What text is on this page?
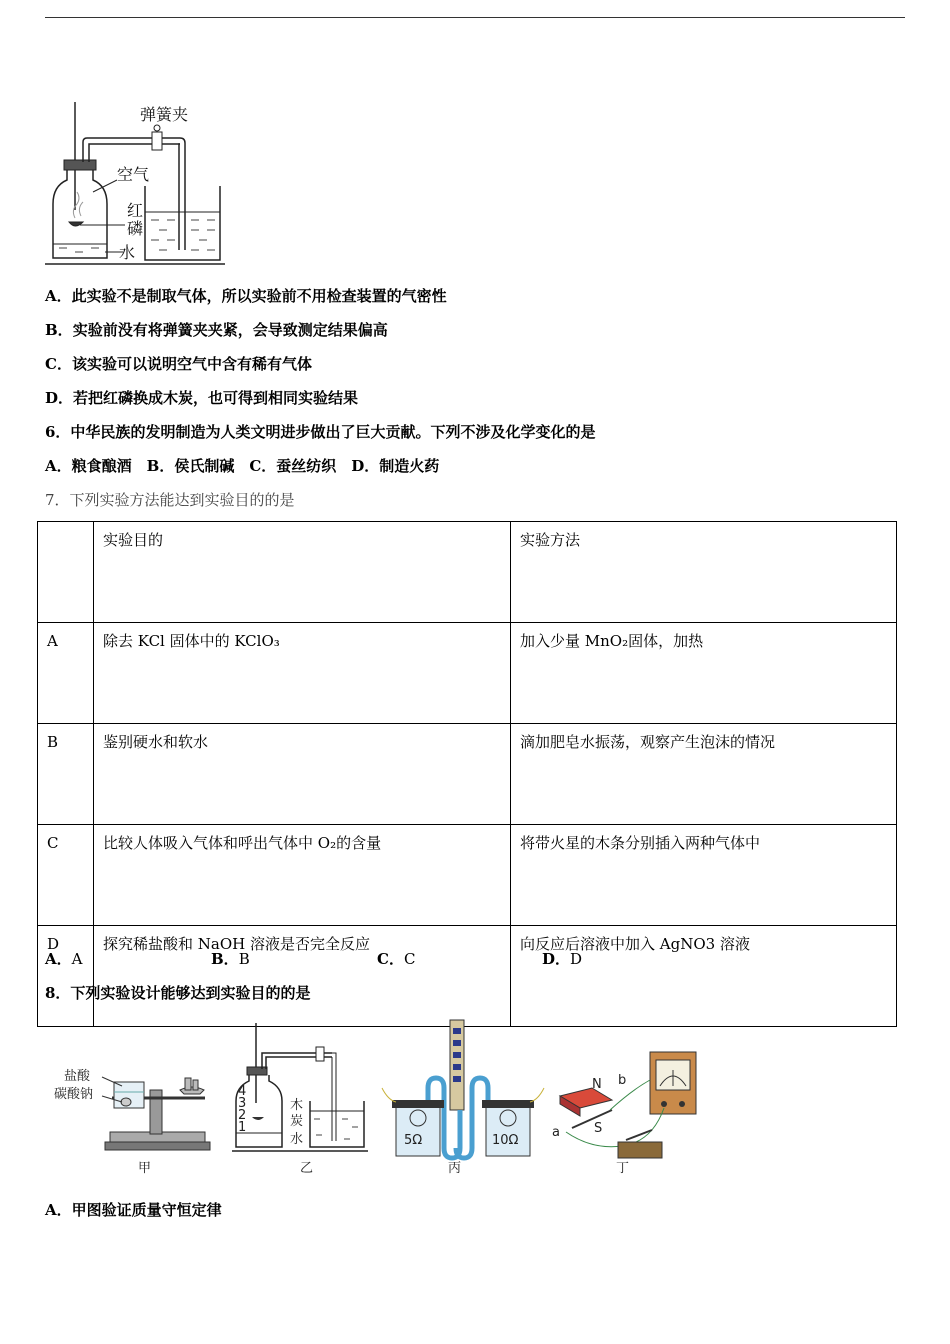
弹簧夹
空气
红
磷
水
A．此实验不是制取气体，所以实验前不用检查装置的气密性
B．实验前没有将弹簧夹夹紧，会导致测定结果偏高
C．该实验可以说明空气中含有稀有气体
D．若把红磷换成木炭，也可得到相同实验结果
6．中华民族的发明制造为人类文明进步做出了巨大贡献。下列不涉及化学变化的是
A．粮食酿酒　B．侯氏制碱　C．蚕丝纺织　D．制造火药
7．下列实验方法能达到实验目的的是
	实验目的	实验方法
A	除去 KCl 固体中的 KClO₃	加入少量 MnO₂固体，加热
B	鉴别硬水和软水	滴加肥皂水振荡，观察产生泡沫的情况
C	比较人体吸入气体和呼出气体中 O₂的含量	将带火星的木条分别插入两种气体中
D	探究稀盐酸和 NaOH 溶液是否完全反应	向反应后溶液中加入 AgNO3 溶液
A．A	B．B	C．C	D．D
8．下列实验设计能够达到实验目的的是
盐酸
碳酸钠
甲
4
3
2
1
木
炭
水
乙
5Ω	10Ω
丙
N
S
a
b
丁
A．甲图验证质量守恒定律
